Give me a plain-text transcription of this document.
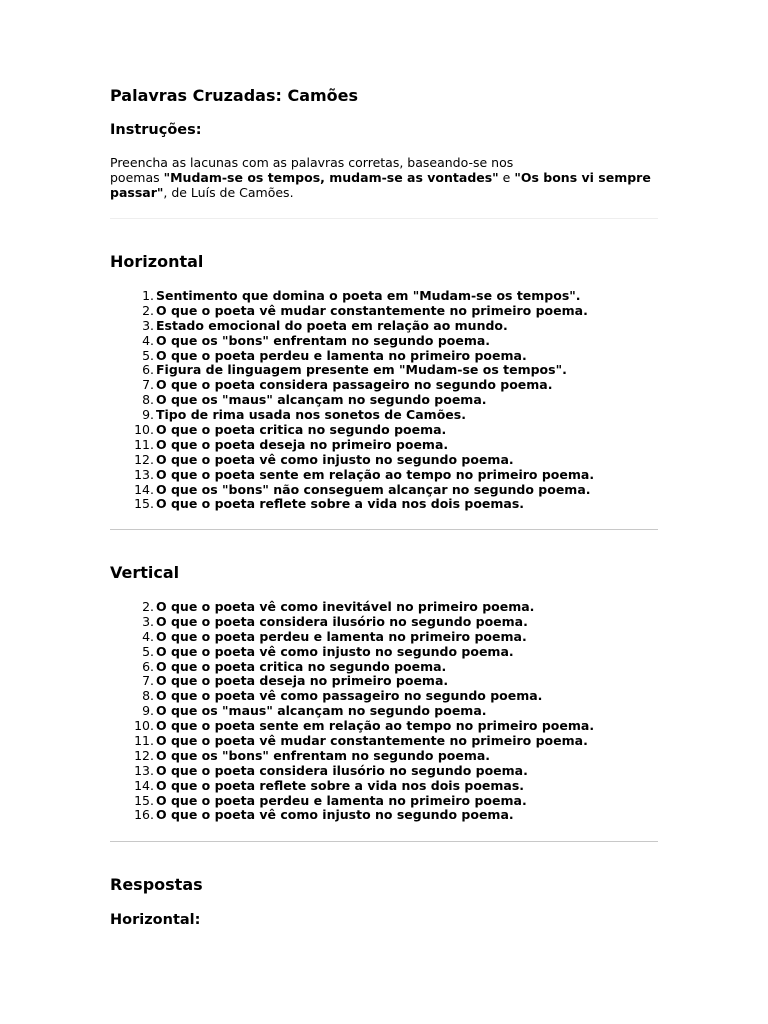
Palavras Cruzadas: Camões
Instruções:

Preencha as lacunas com as palavras corretas, baseando-se nos
poemas "Mudam-se os tempos, mudam-se as vontades" e "Os bons vi sempre passar", de Luís de Camões.

Horizontal
1. Sentimento que domina o poeta em "Mudam-se os tempos".
2. O que o poeta vê mudar constantemente no primeiro poema.
3. Estado emocional do poeta em relação ao mundo.
4. O que os "bons" enfrentam no segundo poema.
5. O que o poeta perdeu e lamenta no primeiro poema.
6. Figura de linguagem presente em "Mudam-se os tempos".
7. O que o poeta considera passageiro no segundo poema.
8. O que os "maus" alcançam no segundo poema.
9. Tipo de rima usada nos sonetos de Camões.
10. O que o poeta critica no segundo poema.
11. O que o poeta deseja no primeiro poema.
12. O que o poeta vê como injusto no segundo poema.
13. O que o poeta sente em relação ao tempo no primeiro poema.
14. O que os "bons" não conseguem alcançar no segundo poema.
15. O que o poeta reflete sobre a vida nos dois poemas.
Vertical
2. O que o poeta vê como inevitável no primeiro poema.
3. O que o poeta considera ilusório no segundo poema.
4. O que o poeta perdeu e lamenta no primeiro poema.
5. O que o poeta vê como injusto no segundo poema.
6. O que o poeta critica no segundo poema.
7. O que o poeta deseja no primeiro poema.
8. O que o poeta vê como passageiro no segundo poema.
9. O que os "maus" alcançam no segundo poema.
10. O que o poeta sente em relação ao tempo no primeiro poema.
11. O que o poeta vê mudar constantemente no primeiro poema.
12. O que os "bons" enfrentam no segundo poema.
13. O que o poeta considera ilusório no segundo poema.
14. O que o poeta reflete sobre a vida nos dois poemas.
15. O que o poeta perdeu e lamenta no primeiro poema.
16. O que o poeta vê como injusto no segundo poema.
Respostas
Horizontal:
